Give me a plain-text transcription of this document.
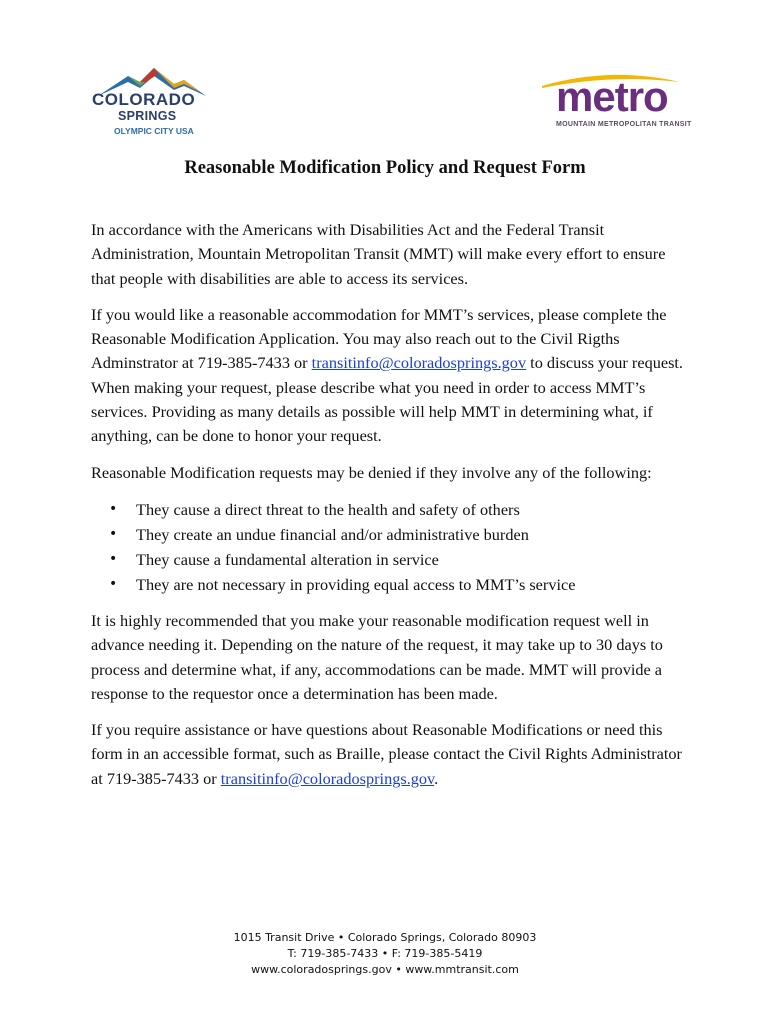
COLORADO
SPRINGS
OLYMPIC CITY USA
metro
MOUNTAIN METROPOLITAN TRANSIT
Reasonable Modification Policy and Request Form

In accordance with the Americans with Disabilities Act and the Federal Transit Administration, Mountain Metropolitan Transit (MMT) will make every effort to ensure that people with disabilities are able to access its services.

If you would like a reasonable accommodation for MMT’s services, please complete the Reasonable Modification Application. You may also reach out to the Civil Rigths Adminstrator at 719-385-7433 or transitinfo@coloradosprings.gov to discuss your request. When making your request, please describe what you need in order to access MMT’s services. Providing as many details as possible will help MMT in determining what, if anything, can be done to honor your request.

Reasonable Modification requests may be denied if they involve any of the following:

• They cause a direct threat to the health and safety of others
• They create an undue financial and/or administrative burden
• They cause a fundamental alteration in service
• They are not necessary in providing equal access to MMT’s service

It is highly recommended that you make your reasonable modification request well in advance needing it. Depending on the nature of the request, it may take up to 30 days to process and determine what, if any, accommodations can be made. MMT will provide a response to the requestor once a determination has been made.

If you require assistance or have questions about Reasonable Modifications or need this form in an accessible format, such as Braille, please contact the Civil Rights Administrator at 719-385-7433 or transitinfo@coloradosprings.gov.

1015 Transit Drive • Colorado Springs, Colorado 80903
T: 719-385-7433 • F: 719-385-5419
www.coloradosprings.gov • www.mmtransit.com
